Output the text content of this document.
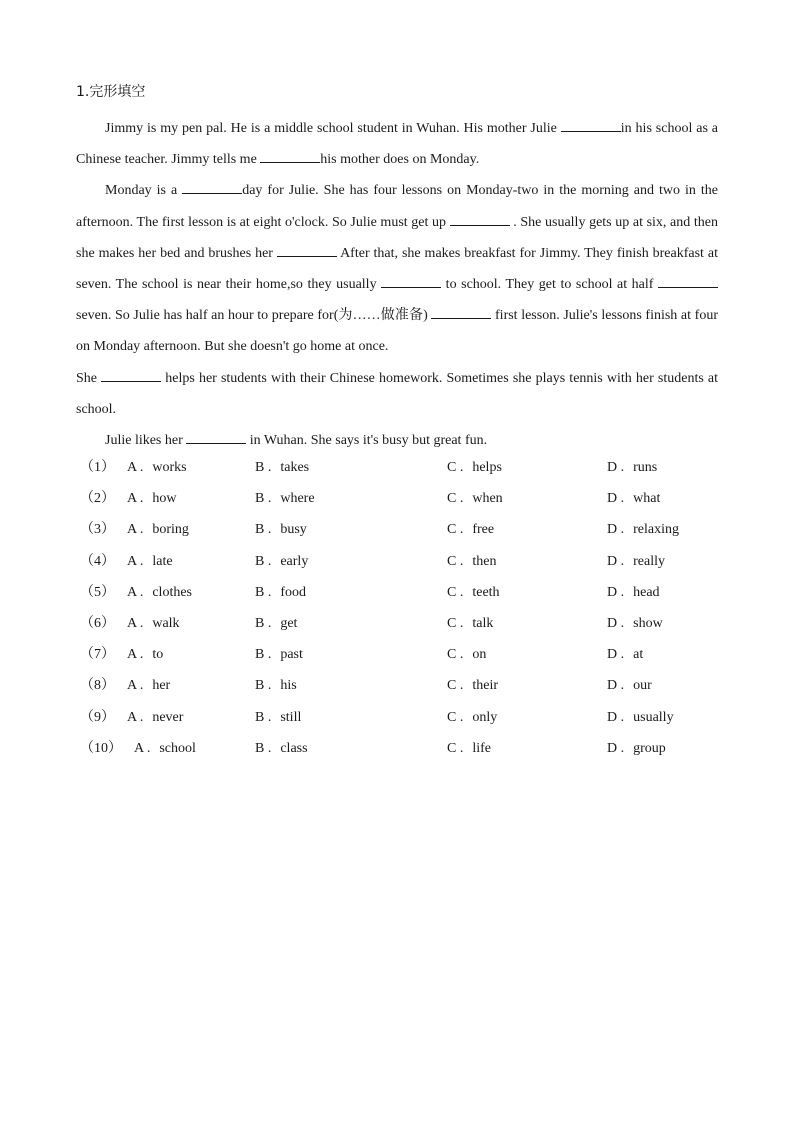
1.完形填空

Jimmy is my pen pal. He is a middle school student in Wuhan. His mother Julie	in his school as a Chinese teacher. Jimmy tells me	his mother does on Monday.

Monday is a	day for Julie. She has four lessons on Monday-two in the morning and two in the afternoon. The first lesson is at eight o'clock. So Julie must get up	. She usually gets up at six, and then she makes her bed and brushes her	After that, she makes breakfast for Jimmy. They finish breakfast at seven. The school is near their home,so they usually	to school. They get to school at half seven. So Julie has half an hour to prepare for(为……做准备)	first lesson. Julie's lessons finish at four on Monday afternoon. But she doesn't go home at once.

She	helps her students with their Chinese homework. Sometimes she plays tennis with her students at school.

Julie likes her	in Wuhan. She says it's busy but great fun.

（1） A . works	B . takes	C . helps	D . runs
（2） A . how	B . where	C . when	D . what
（3） A . boring	B . busy	C . free	D . relaxing
（4） A . late	B . early	C . then	D . really
（5） A . clothes	B . food	C . teeth	D . head
（6） A . walk	B . get	C . talk	D . show
（7） A . to	B . past	C . on	D . at
（8） A . her	B . his	C . their	D . our
（9） A . never	B . still	C . only	D . usually
（10） A . school	B . class	C . life	D . group
